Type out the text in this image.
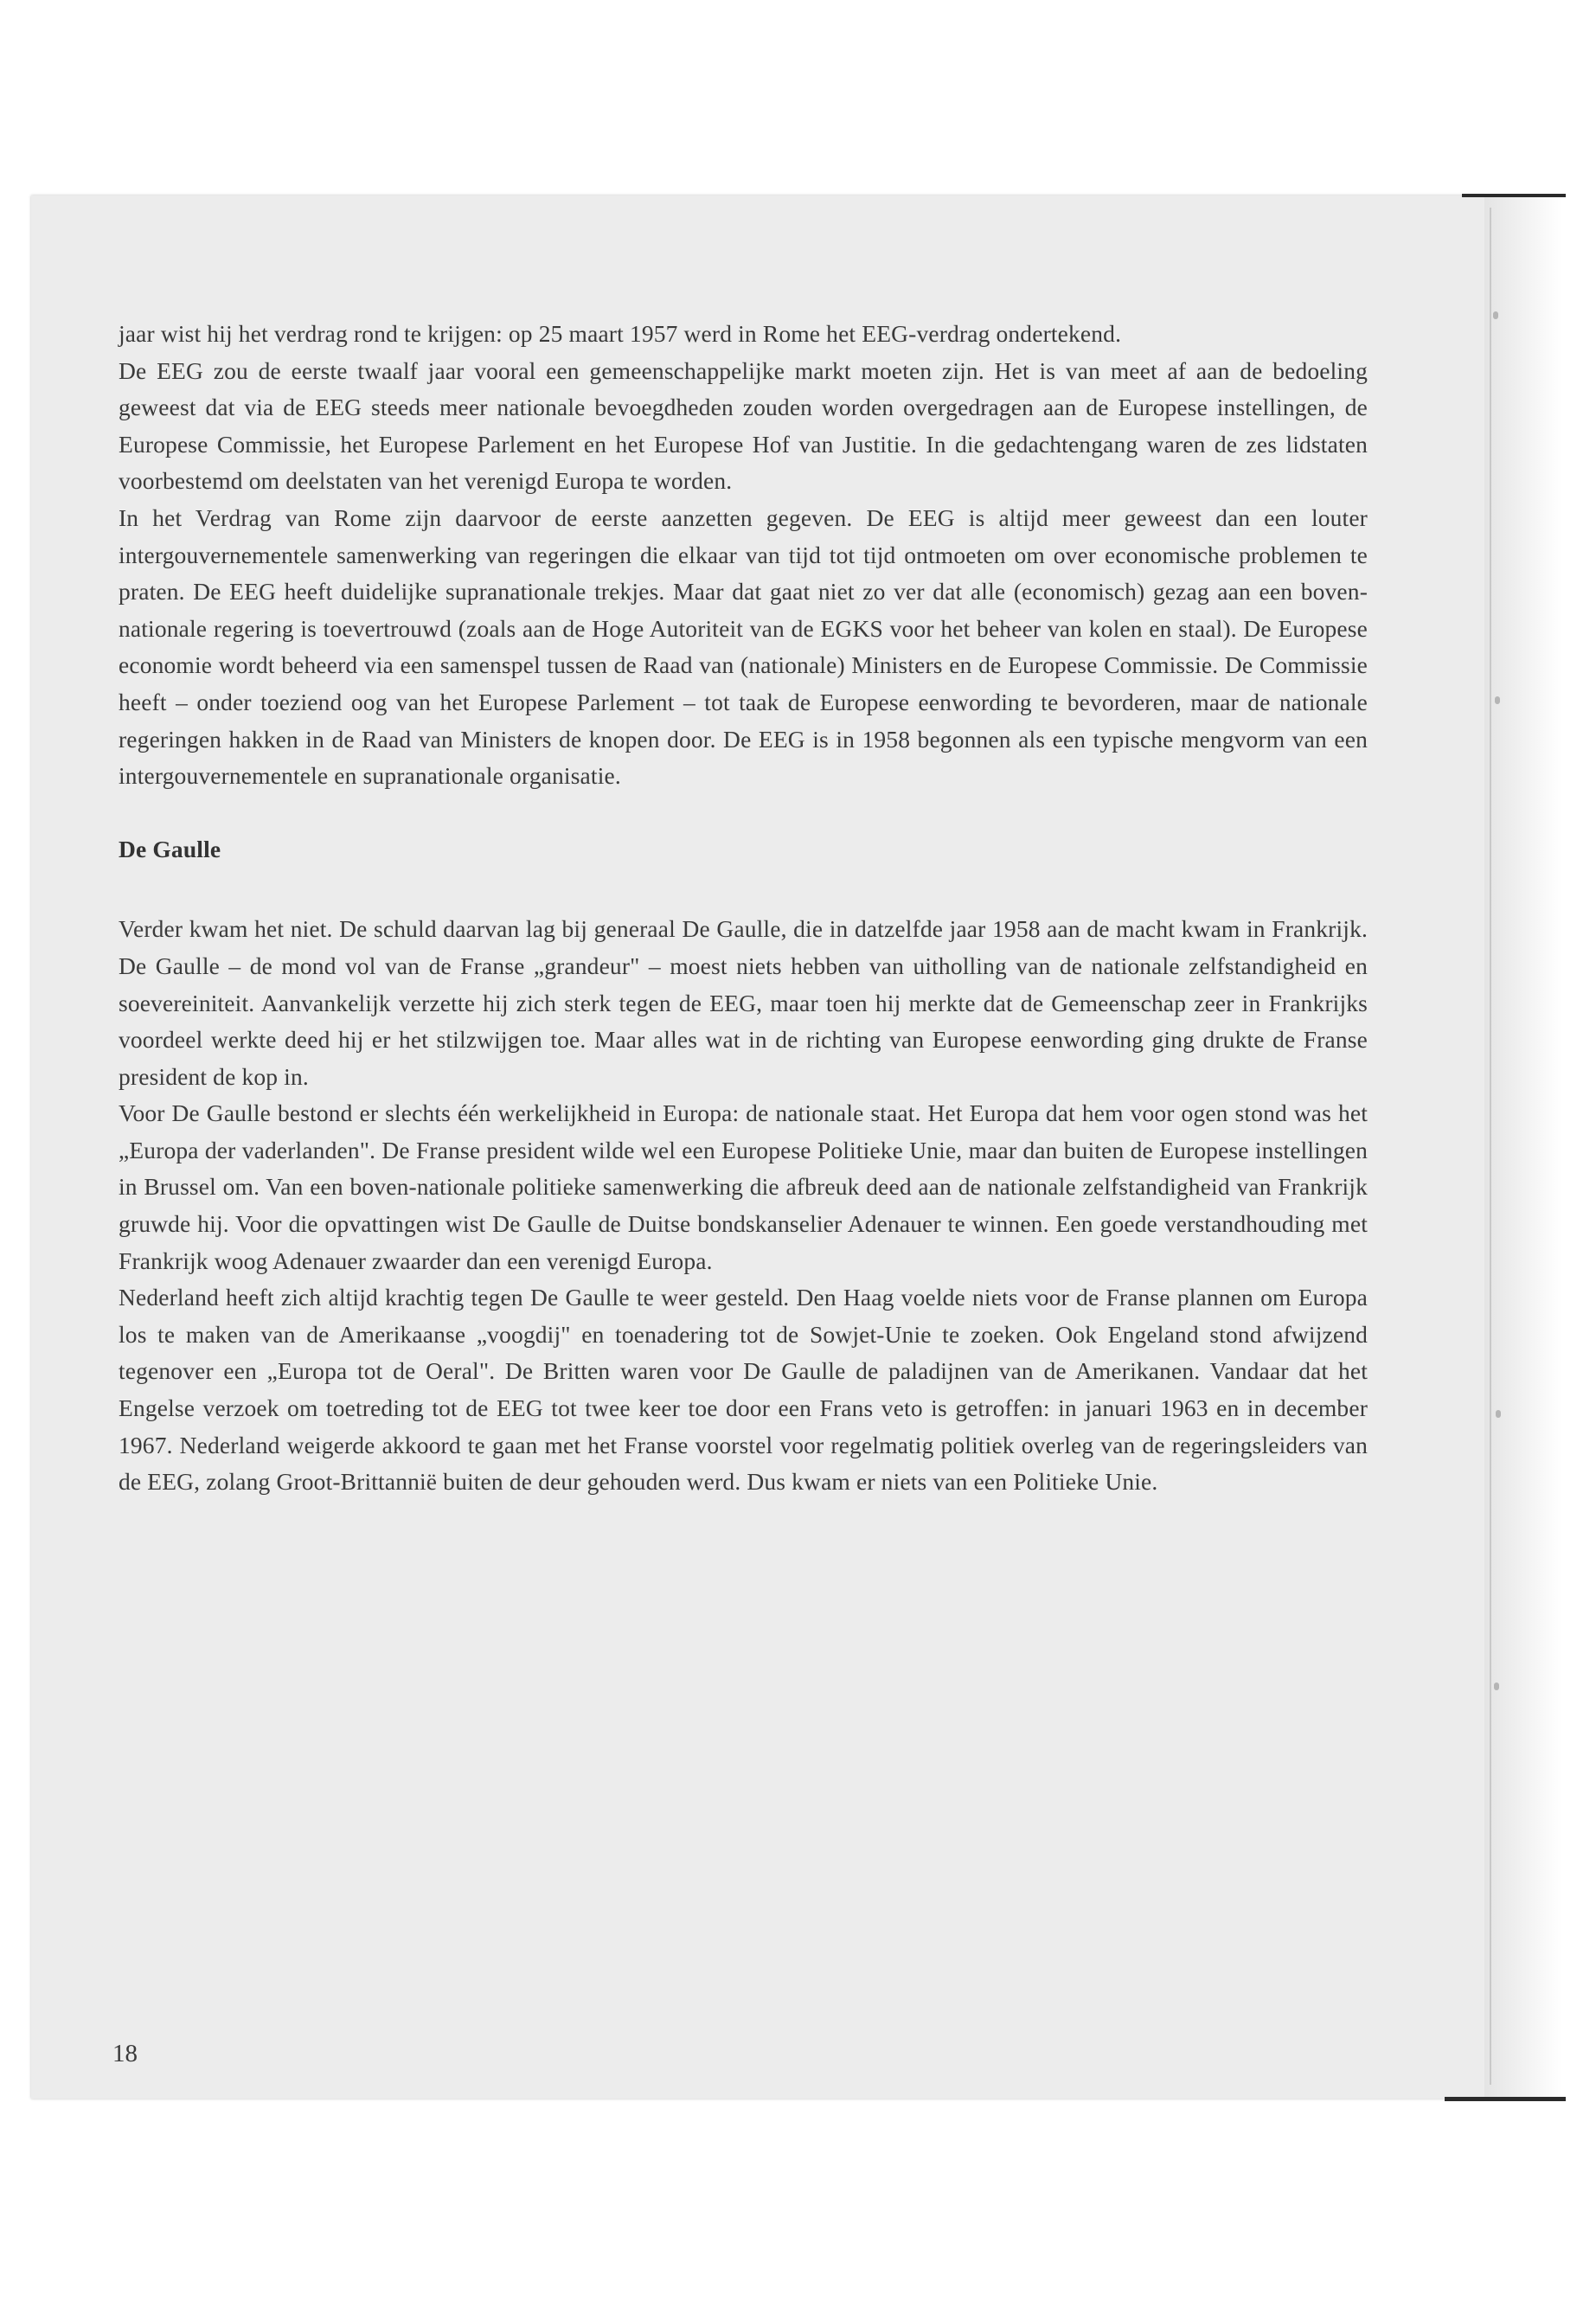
jaar wist hij het verdrag rond te krijgen: op 25 maart 1957 werd in Rome het EEG-verdrag ondertekend.

De EEG zou de eerste twaalf jaar vooral een gemeenschappelijke markt moeten zijn. Het is van meet af aan de bedoeling geweest dat via de EEG steeds meer nationale bevoegdheden zouden worden overgedragen aan de Europese instellingen, de Europese Commissie, het Europese Parlement en het Europese Hof van Justitie. In die gedachtengang waren de zes lidstaten voorbestemd om deelstaten van het verenigd Europa te worden.

In het Verdrag van Rome zijn daarvoor de eerste aanzetten gegeven. De EEG is altijd meer geweest dan een louter intergouvernementele samenwerking van regeringen die elkaar van tijd tot tijd ontmoeten om over economische problemen te praten. De EEG heeft duidelijke supranationale trekjes. Maar dat gaat niet zo ver dat alle (economisch) gezag aan een boven-nationale regering is toevertrouwd (zoals aan de Hoge Autoriteit van de EGKS voor het beheer van kolen en staal). De Europese economie wordt beheerd via een samenspel tussen de Raad van (nationale) Ministers en de Europese Commissie. De Commissie heeft – onder toeziend oog van het Europese Parlement – tot taak de Europese eenwording te bevorderen, maar de nationale regeringen hakken in de Raad van Ministers de knopen door. De EEG is in 1958 begonnen als een typische mengvorm van een intergouvernementele en supranationale organisatie.

De Gaulle

Verder kwam het niet. De schuld daarvan lag bij generaal De Gaulle, die in datzelfde jaar 1958 aan de macht kwam in Frankrijk. De Gaulle – de mond vol van de Franse „grandeur" – moest niets hebben van uitholling van de nationale zelfstandigheid en soevereiniteit. Aanvankelijk verzette hij zich sterk tegen de EEG, maar toen hij merkte dat de Gemeenschap zeer in Frankrijks voordeel werkte deed hij er het stilzwijgen toe. Maar alles wat in de richting van Europese eenwording ging drukte de Franse president de kop in.

Voor De Gaulle bestond er slechts één werkelijkheid in Europa: de nationale staat. Het Europa dat hem voor ogen stond was het „Europa der vaderlanden". De Franse president wilde wel een Europese Politieke Unie, maar dan buiten de Europese instellingen in Brussel om. Van een boven-nationale politieke samenwerking die afbreuk deed aan de nationale zelfstandigheid van Frankrijk gruwde hij. Voor die opvattingen wist De Gaulle de Duitse bondskanselier Adenauer te winnen. Een goede verstandhouding met Frankrijk woog Adenauer zwaarder dan een verenigd Europa.

Nederland heeft zich altijd krachtig tegen De Gaulle te weer gesteld. Den Haag voelde niets voor de Franse plannen om Europa los te maken van de Amerikaanse „voogdij" en toenadering tot de Sowjet-Unie te zoeken. Ook Engeland stond afwijzend tegenover een „Europa tot de Oeral". De Britten waren voor De Gaulle de paladijnen van de Amerikanen. Vandaar dat het Engelse verzoek om toetreding tot de EEG tot twee keer toe door een Frans veto is getroffen: in januari 1963 en in december 1967. Nederland weigerde akkoord te gaan met het Franse voorstel voor regelmatig politiek overleg van de regeringsleiders van de EEG, zolang Groot-Brittannië buiten de deur gehouden werd. Dus kwam er niets van een Politieke Unie.

18
